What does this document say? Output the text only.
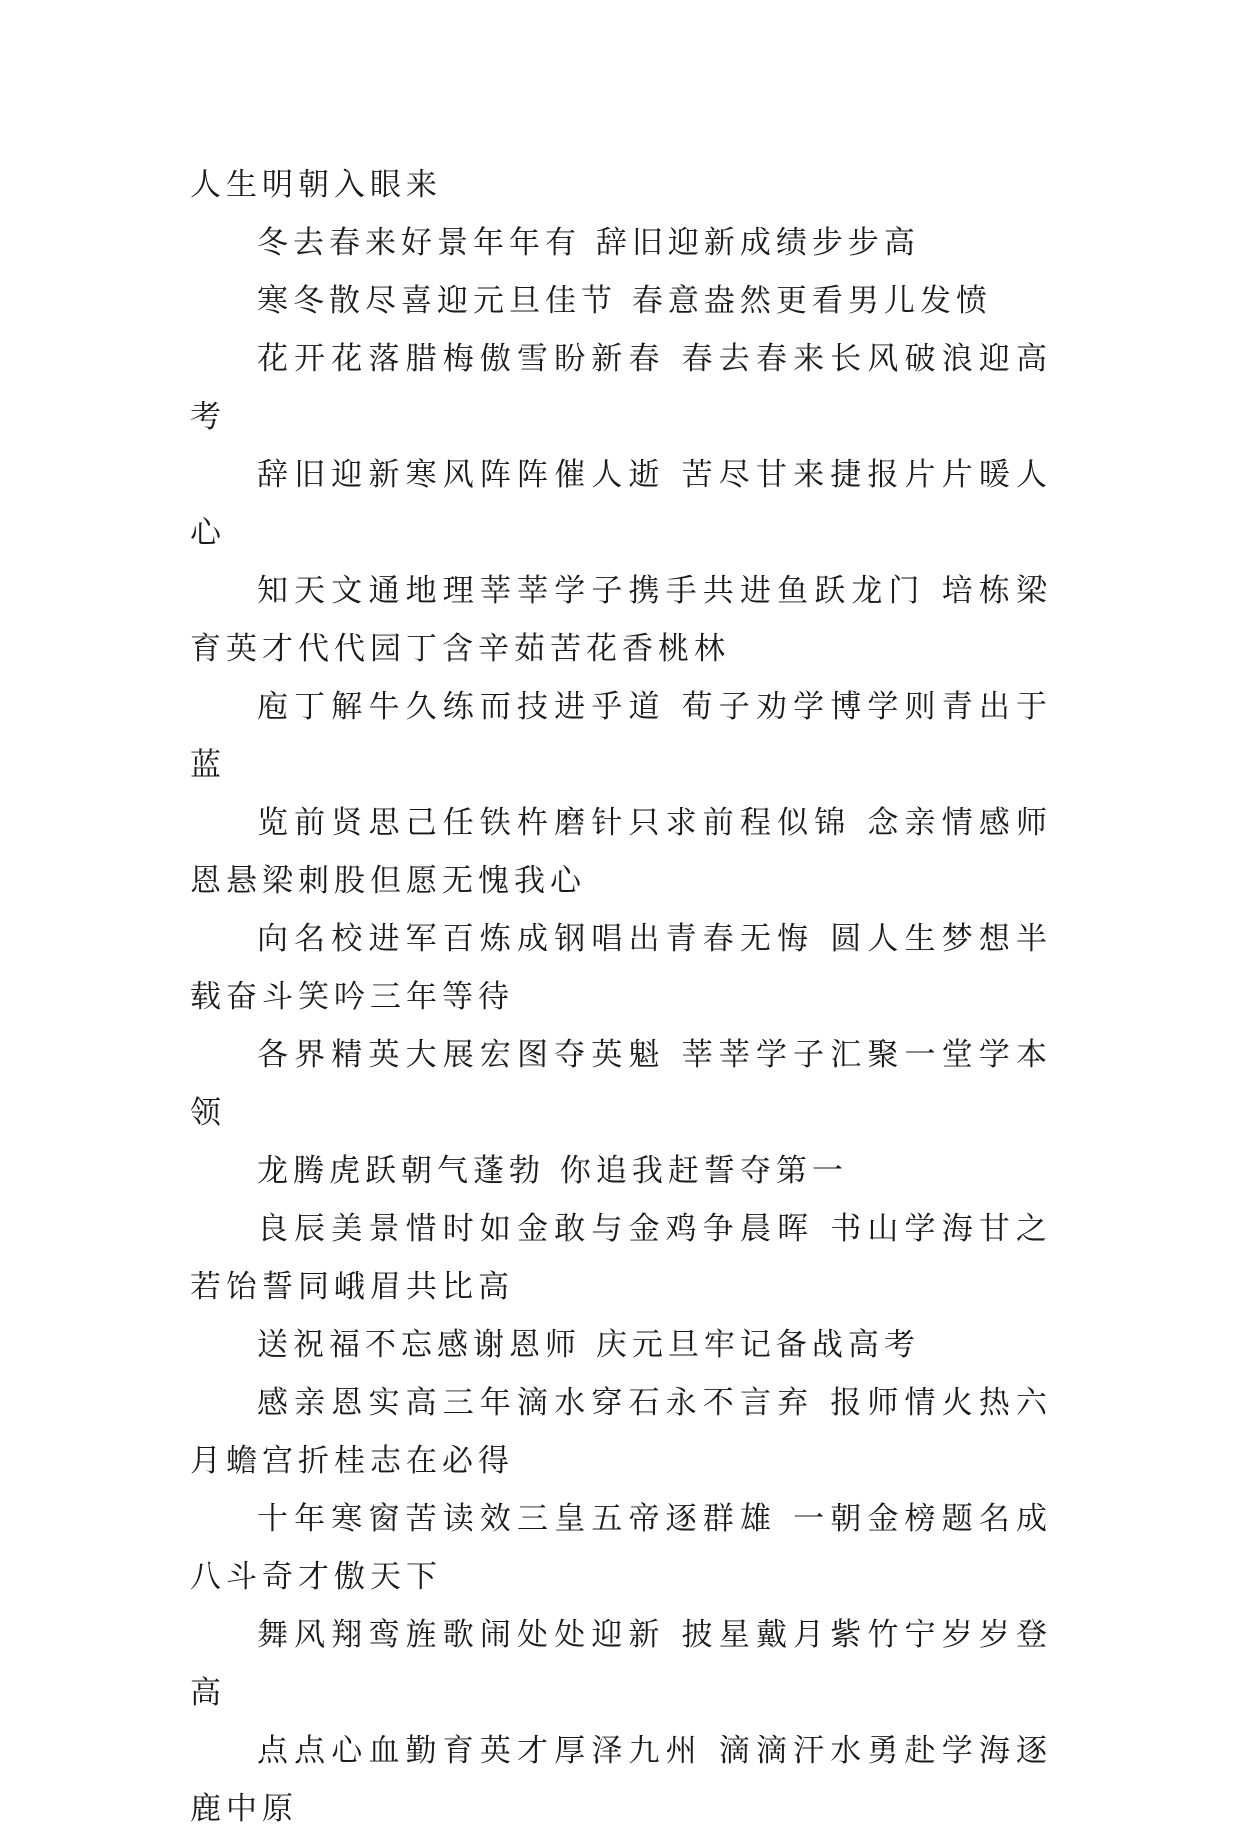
人生明朝入眼来

冬去春来好景年年有 辞旧迎新成绩步步高

寒冬散尽喜迎元旦佳节 春意盎然更看男儿发愤

花开花落腊梅傲雪盼新春 春去春来长风破浪迎高考

辞旧迎新寒风阵阵催人逝 苦尽甘来捷报片片暖人心

知天文通地理莘莘学子携手共进鱼跃龙门 培栋梁育英才代代园丁含辛茹苦花香桃林

庖丁解牛久练而技进乎道 荀子劝学博学则青出于蓝

览前贤思己任铁杵磨针只求前程似锦 念亲情感师恩悬梁刺股但愿无愧我心

向名校进军百炼成钢唱出青春无悔 圆人生梦想半载奋斗笑吟三年等待

各界精英大展宏图夺英魁 莘莘学子汇聚一堂学本领

龙腾虎跃朝气蓬勃 你追我赶誓夺第一

良辰美景惜时如金敢与金鸡争晨晖 书山学海甘之若饴誓同峨眉共比高

送祝福不忘感谢恩师 庆元旦牢记备战高考

感亲恩实高三年滴水穿石永不言弃 报师情火热六月蟾宫折桂志在必得

十年寒窗苦读效三皇五帝逐群雄 一朝金榜题名成八斗奇才傲天下

舞风翔鸾旌歌闹处处迎新 披星戴月紫竹宁岁岁登高

点点心血勤育英才厚泽九州 滴滴汗水勇赴学海逐鹿中原
